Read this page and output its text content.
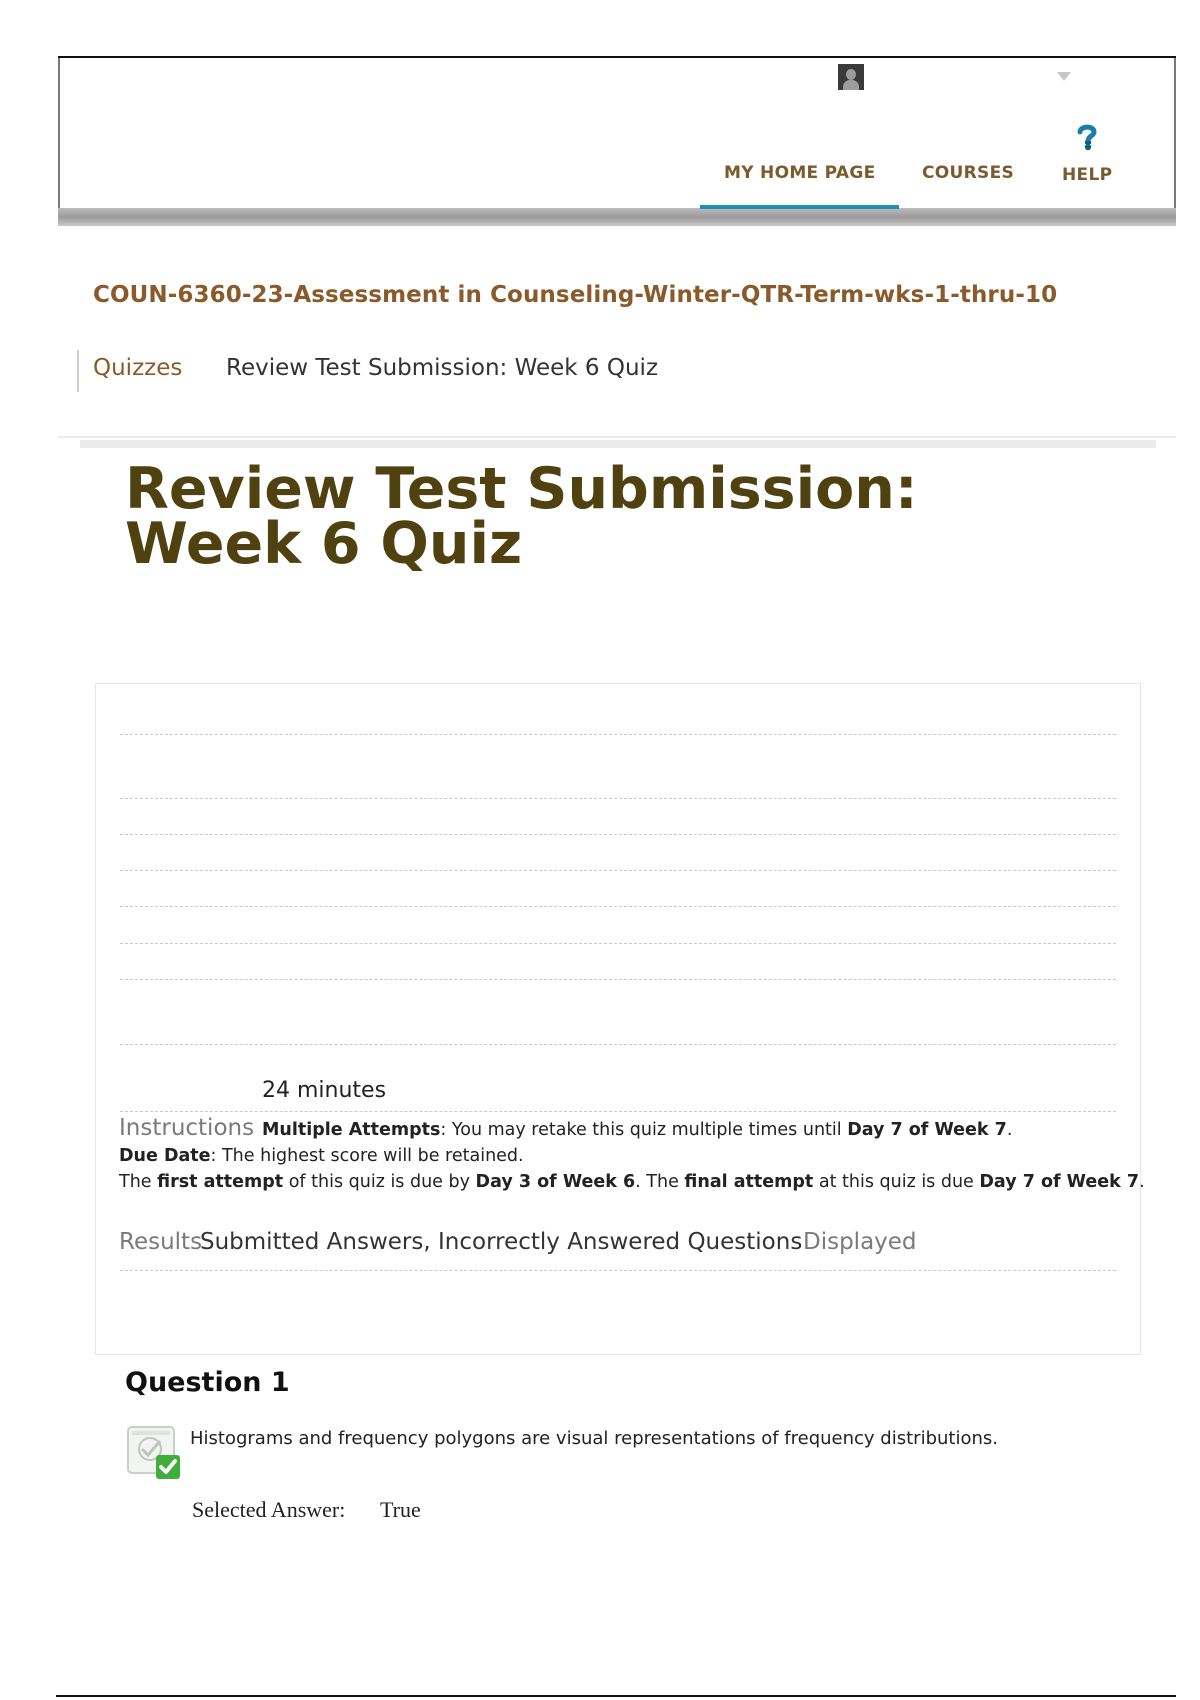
MY HOME PAGE	COURSES	HELP
COUN-6360-23-Assessment in Counseling-Winter-QTR-Term-wks-1-thru-10
Quizzes Review Test Submission: Week 6 Quiz
Review Test Submission: Week 6 Quiz
24 minutes
Instructions Multiple Attempts: You may retake this quiz multiple times until Day 7 of Week 7.
Due Date: The highest score will be retained.
The first attempt of this quiz is due by Day 3 of Week 6. The final attempt at this quiz is due Day 7 of Week 7.
Results
Submitted Answers, Incorrectly Answered Questions Displayed
Question 1
Histograms and frequency polygons are visual representations of frequency distributions.
Selected Answer: True
